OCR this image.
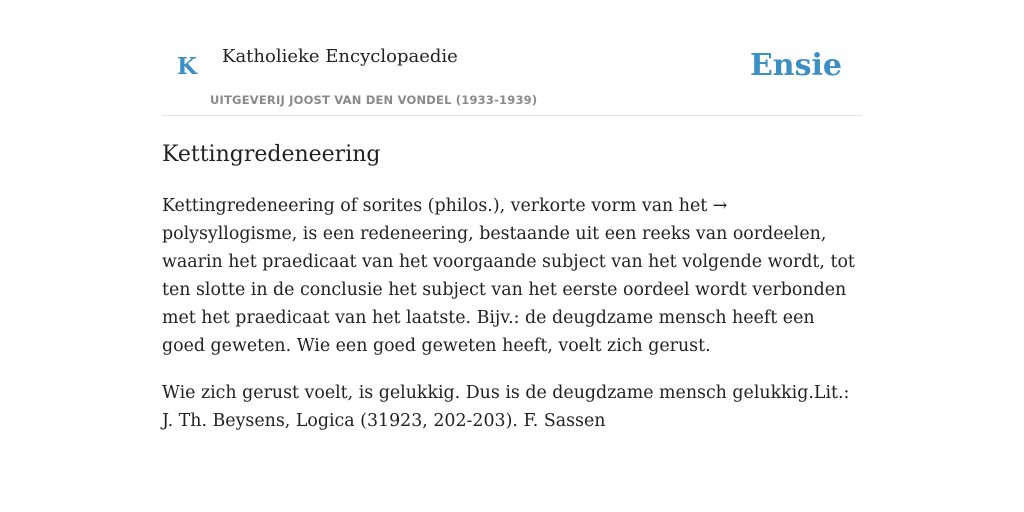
K Katholieke Encyclopaedie
UITGEVERIJ JOOST VAN DEN VONDEL (1933-1939)
Ensie
Kettingredeneering

Kettingredeneering of sorites (philos.), verkorte vorm van het → polysyllogisme, is een redeneering, bestaande uit een reeks van oordeelen, waarin het praedicaat van het voorgaande subject van het volgende wordt, tot ten slotte in de conclusie het subject van het eerste oordeel wordt verbonden met het praedicaat van het laatste. Bijv.: de deugdzame mensch heeft een goed geweten. Wie een goed geweten heeft, voelt zich gerust.

Wie zich gerust voelt, is gelukkig. Dus is de deugdzame mensch gelukkig.Lit.: J. Th. Beysens, Logica (31923, 202-203). F. Sassen
